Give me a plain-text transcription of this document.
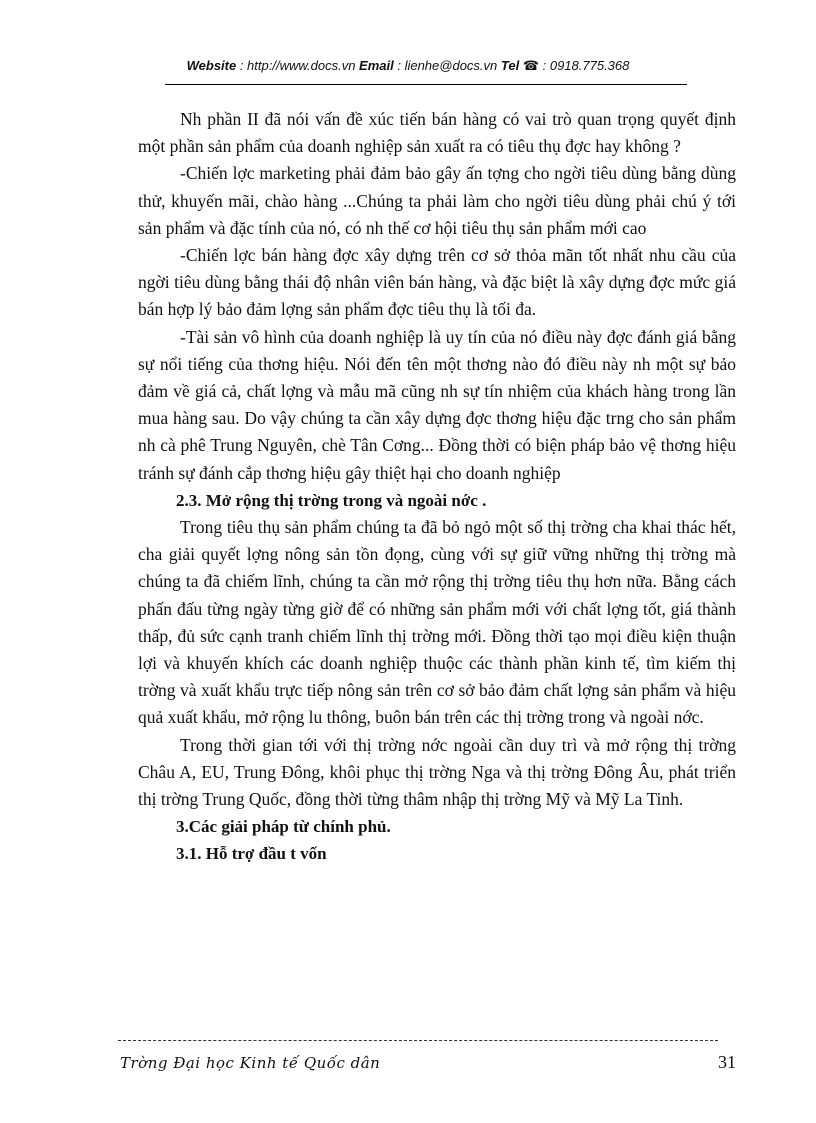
Website : http://www.docs.vn Email : lienhe@docs.vn Tel ☎ : 0918.775.368

Nh phần II đã nói vấn đề xúc tiến bán hàng có vai trò quan trọng quyết định một phần sản phẩm của doanh nghiệp sản xuất ra có tiêu thụ đợc hay không ?

-Chiến lợc marketing phải đảm bảo gây ấn tợng cho ngời tiêu dùng bằng dùng thử, khuyến mãi, chào hàng ...Chúng ta phải làm cho ngời tiêu dùng phải chú ý tới sản phẩm và đặc tính của nó, có nh thế cơ hội tiêu thụ sản phẩm mới cao

-Chiến lợc bán hàng đợc xây dựng trên cơ sở thỏa mãn tốt nhất nhu cầu của ngời tiêu dùng bằng thái độ nhân viên bán hàng, và đặc biệt là xây dựng đợc mức giá bán hợp lý bảo đảm lợng sản phẩm đợc tiêu thụ là tối đa.

-Tài sản vô hình của doanh nghiệp là uy tín của nó điều này đợc đánh giá bằng sự nổi tiếng của thơng hiệu. Nói đến tên một thơng nào đó điều này nh một sự bảo đảm về giá cả, chất lợng và mẫu mã cũng nh sự tín nhiệm của khách hàng trong lần mua hàng sau. Do vậy chúng ta cần xây dựng đợc thơng hiệu đặc trng cho sản phẩm nh cà phê Trung Nguyên, chè Tân Cơng... Đồng thời có biện pháp bảo vệ thơng hiệu tránh sự đánh cắp thơng hiệu gây thiệt hại cho doanh nghiệp

2.3. Mở rộng thị trờng trong và ngoài nớc .

Trong tiêu thụ sản phẩm chúng ta đã bỏ ngỏ một số thị trờng cha khai thác hết, cha giải quyết lợng nông sản tồn đọng, cùng với sự giữ vững những thị trờng mà chúng ta đã chiếm lĩnh, chúng ta cần mở rộng thị trờng tiêu thụ hơn nữa. Bằng cách phấn đấu từng ngày từng giờ để có những sản phẩm mới với chất lợng tốt, giá thành thấp, đủ sức cạnh tranh chiếm lĩnh thị trờng mới. Đồng thời tạo mọi điều kiện thuận lợi và khuyến khích các doanh nghiệp thuộc các thành phần kinh tế, tìm kiếm thị trờng và xuất khẩu trực tiếp nông sản trên cơ sở bảo đảm chất lợng sản phẩm và hiệu quả xuất khẩu, mở rộng lu thông, buôn bán trên các thị trờng trong và ngoài nớc.

Trong thời gian tới với thị trờng nớc ngoài cần duy trì và mở rộng thị trờng Châu A, EU, Trung Đông, khôi phục thị trờng Nga và thị trờng Đông Âu, phát triển thị trờng Trung Quốc, đồng thời từng thâm nhập thị trờng Mỹ và Mỹ La Tinh.

3.Các giải pháp từ chính phủ.

3.1. Hỗ trợ đầu t vốn

Trờng Đại học Kinh tế Quốc dân	31
